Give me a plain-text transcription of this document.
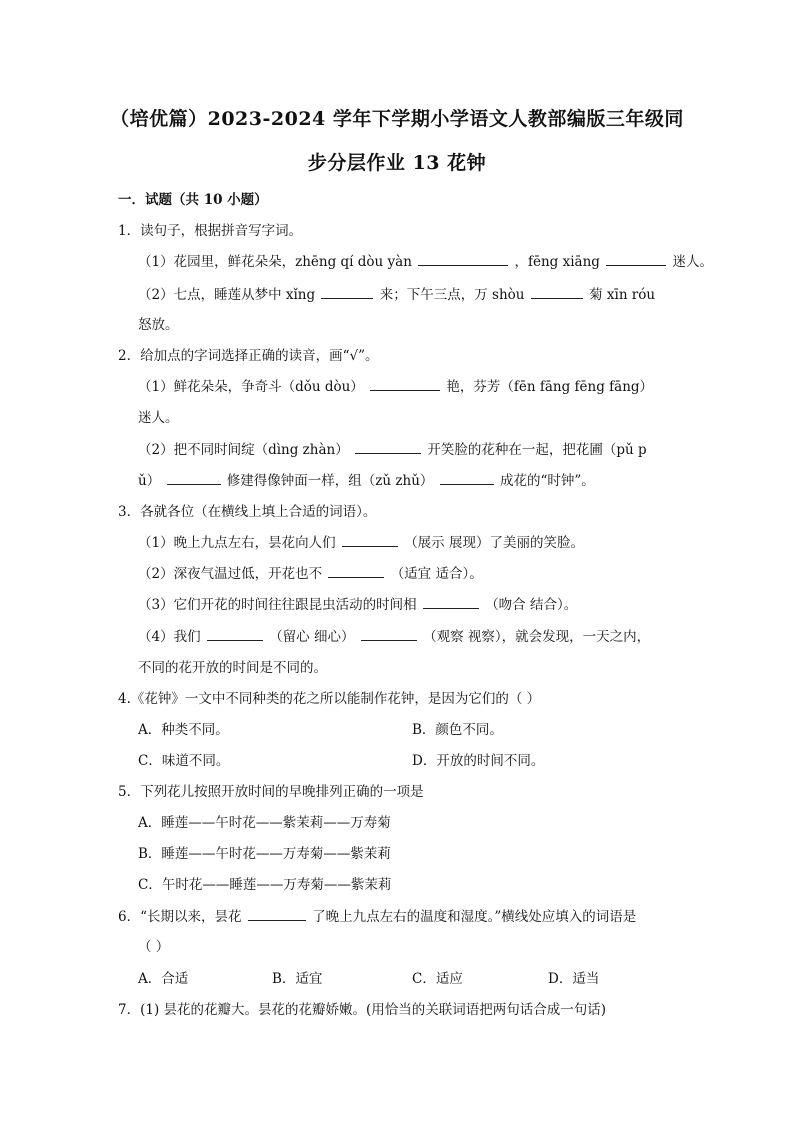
（培优篇）2023-2024 学年下学期小学语文人教部编版三年级同
步分层作业 13 花钟
一．试题（共 10 小题）
1．读句子，根据拼音写字词。
（1）花园里，鲜花朵朵，zhēng qí dòu yàn	，fēng xiāng	迷人。
（2）七点，睡莲从梦中 xǐng	来；下午三点，万 shòu	菊 xīn róu
怒放。
2．给加点的字词选择正确的读音，画“√”。
（1）鲜花朵朵，争奇斗（dǒu dòu）	艳，芬芳（fēn fāng fēng fāng）
迷人。
（2）把不同时间绽（dìng zhàn）	开笑脸的花种在一起，把花圃（pǔ p
ǔ）	修建得像钟面一样，组（zǔ zhǔ）	成花的“时钟”。
3．各就各位（在横线上填上合适的词语）。
（1）晚上九点左右，昙花向人们	（展示 展现）了美丽的笑脸。
（2）深夜气温过低，开花也不	（适宜 适合）。
（3）它们开花的时间往往跟昆虫活动的时间相	（吻合 结合）。
（4）我们	（留心 细心）	（观察 视察），就会发现，一天之内，
不同的花开放的时间是不同的。
4.《花钟》一文中不同种类的花之所以能制作花钟，是因为它们的（ ）
A．种类不同。	B．颜色不同。
C．味道不同。	D．开放的时间不同。
5．下列花儿按照开放时间的早晚排列正确的一项是
A．睡莲——午时花——紫茉莉——万寿菊
B．睡莲——午时花——万寿菊——紫茉莉
C．午时花——睡莲——万寿菊——紫茉莉
6．“长期以来，昙花	了晚上九点左右的温度和湿度。”横线处应填入的词语是
（ ）
A．合适	B．适宜	C．适应	D．适当
7．(1) 昙花的花瓣大。昙花的花瓣娇嫩。(用恰当的关联词语把两句话合成一句话)
